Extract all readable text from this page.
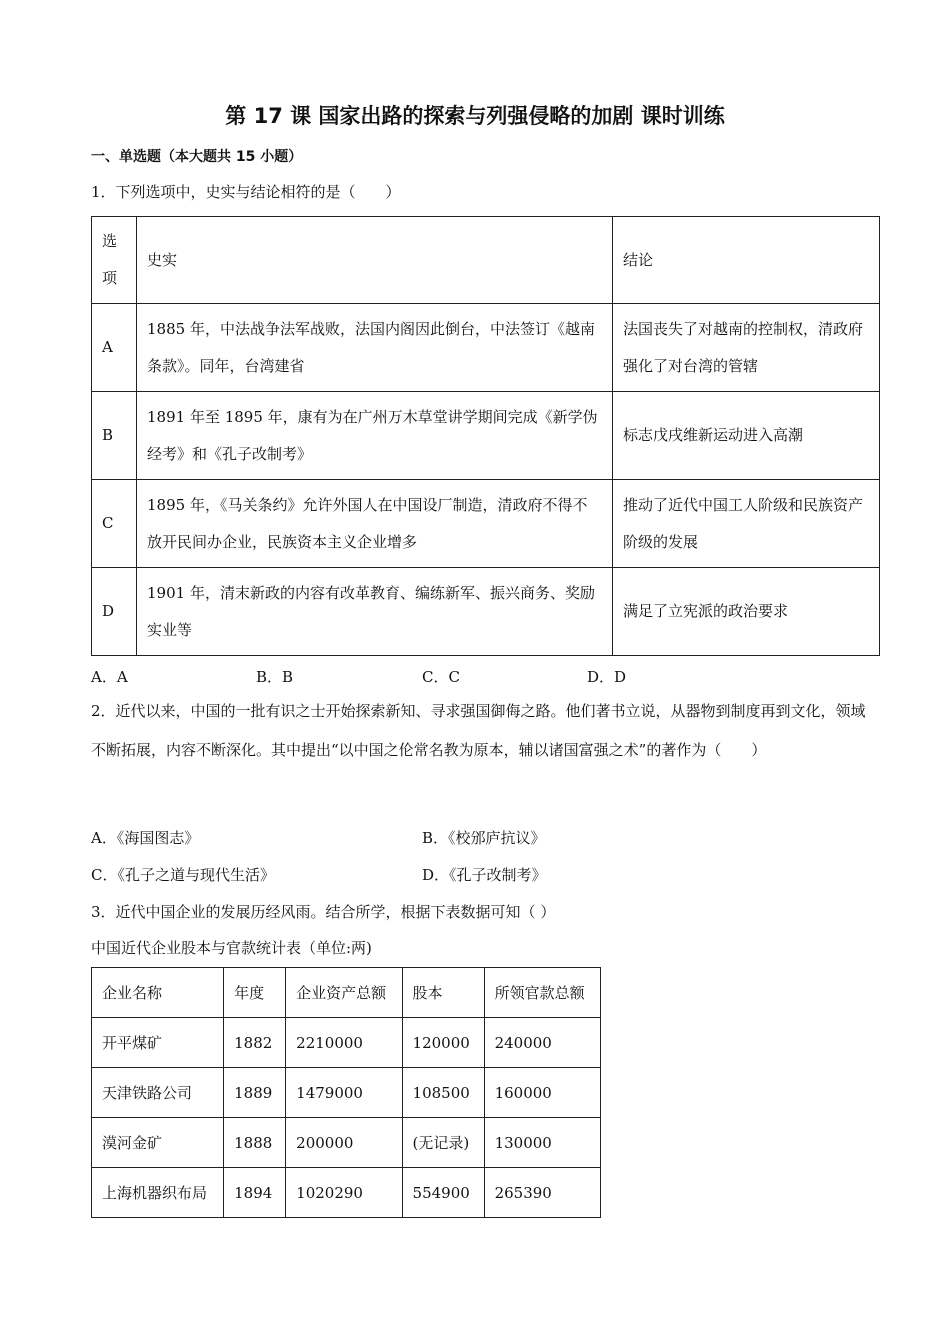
第 17 课 国家出路的探索与列强侵略的加剧 课时训练

一、单选题（本大题共 15 小题）

1．下列选项中，史实与结论相符的是（　　）

选项	史实	结论
A	1885 年，中法战争法军战败，法国内阁因此倒台，中法签订《越南条款》。同年，台湾建省	法国丧失了对越南的控制权，清政府强化了对台湾的管辖
B	1891 年至 1895 年，康有为在广州万木草堂讲学期间完成《新学伪经考》和《孔子改制考》	标志戊戌维新运动进入高潮
C	1895 年，《马关条约》允许外国人在中国设厂制造，清政府不得不放开民间办企业，民族资本主义企业增多	推动了近代中国工人阶级和民族资产阶级的发展
D	1901 年，清末新政的内容有改革教育、编练新军、振兴商务、奖励实业等	满足了立宪派的政治要求
A．A	B．B	C．C	D．D

2．近代以来，中国的一批有识之士开始探索新知、寻求强国御侮之路。他们著书立说，从器物到制度再到文化，领域不断拓展，内容不断深化。其中提出“以中国之伦常名教为原本，辅以诸国富强之术”的著作为（　　）

A．《海国图志》	B．《校邠庐抗议》
C．《孔子之道与现代生活》	D．《孔子改制考》

3．近代中国企业的发展历经风雨。结合所学，根据下表数据可知（ ）

中国近代企业股本与官款统计表（单位:两)

企业名称	年度	企业资产总额	股本	所领官款总额
开平煤矿	1882	2210000	120000	240000
天津铁路公司	1889	1479000	108500	160000
漠河金矿	1888	200000	(无记录)	130000
上海机器织布局	1894	1020290	554900	265390
